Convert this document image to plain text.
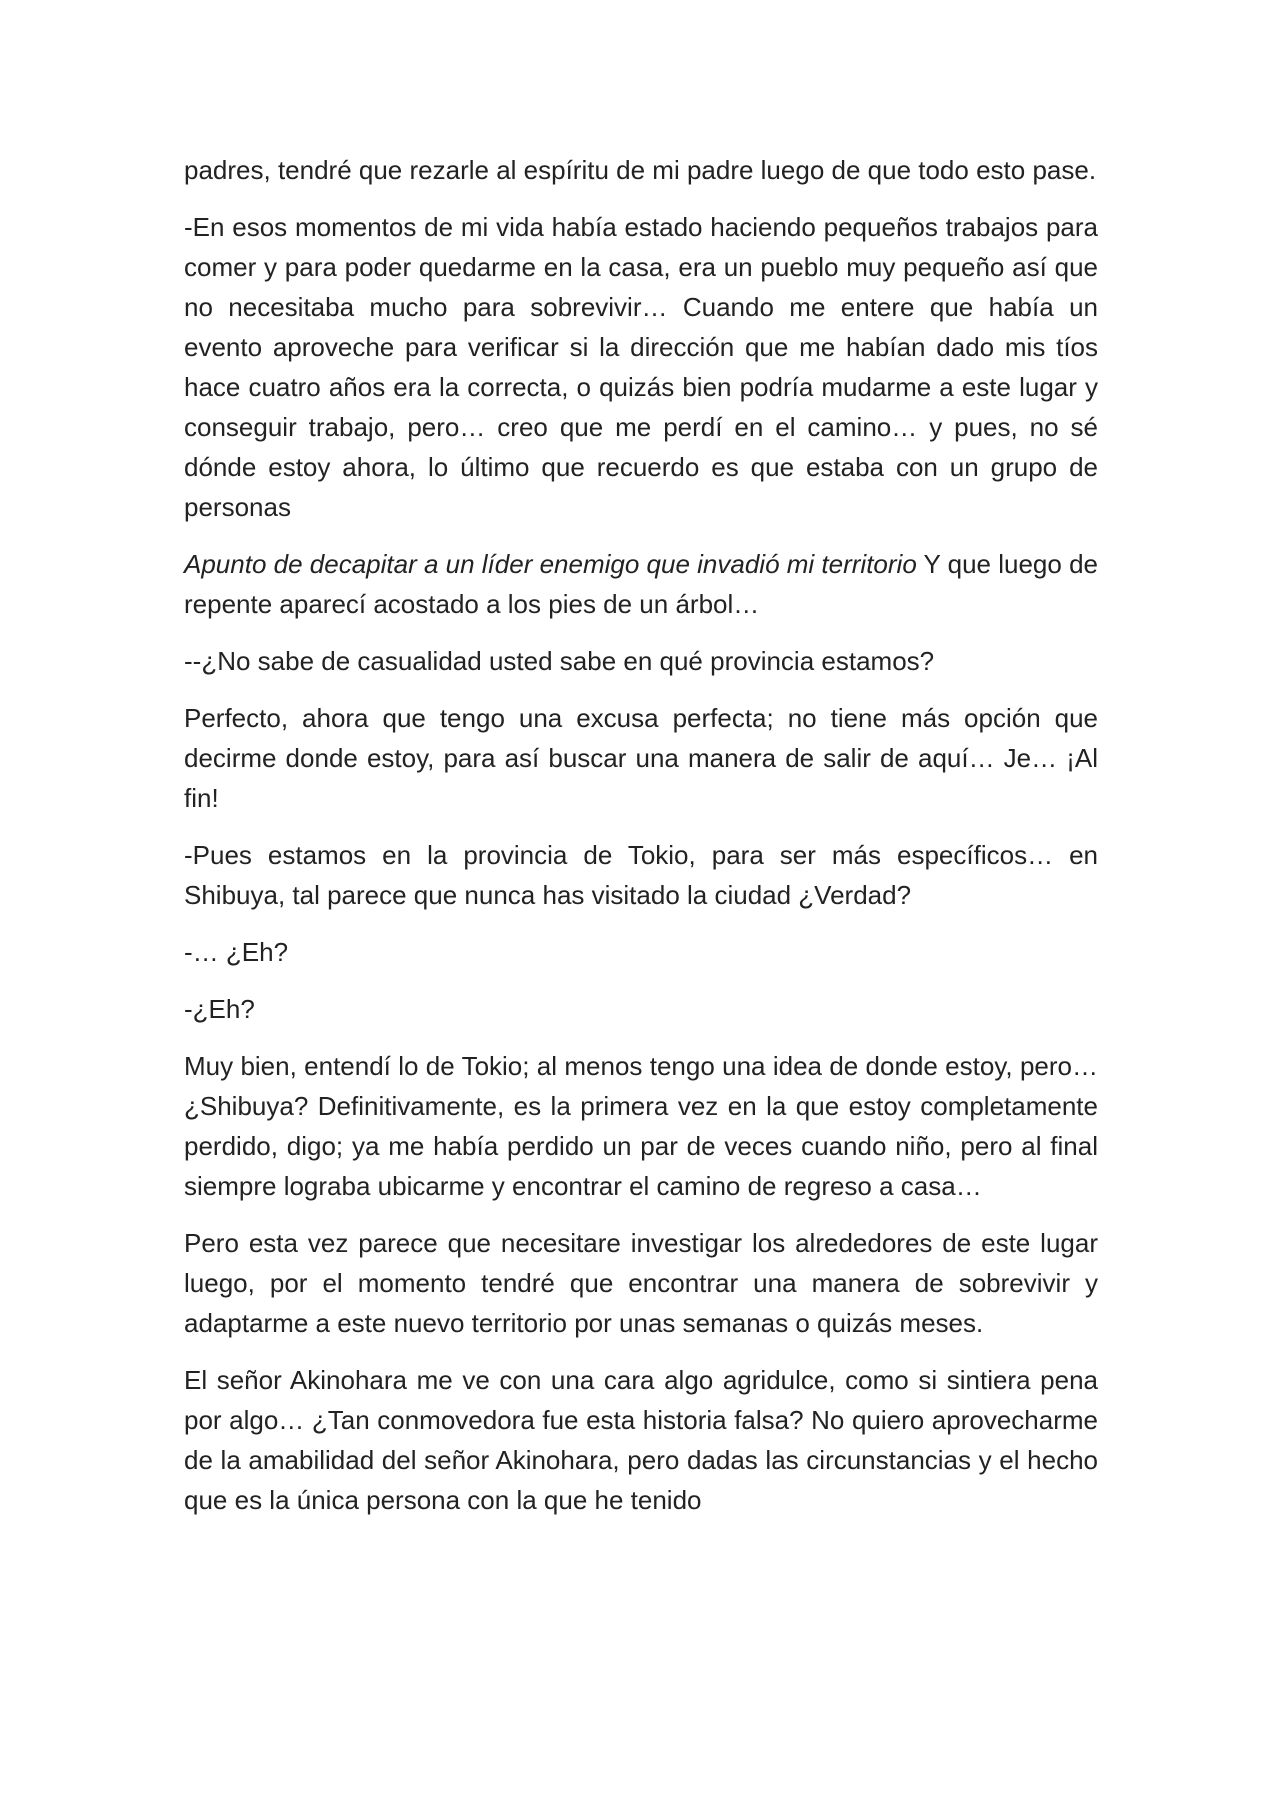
padres, tendré que rezarle al espíritu de mi padre luego de que todo esto pase.

-En esos momentos de mi vida había estado haciendo pequeños trabajos para comer y para poder quedarme en la casa, era un pueblo muy pequeño así que no necesitaba mucho para sobrevivir… Cuando me entere que había un evento aproveche para verificar si la dirección que me habían dado mis tíos hace cuatro años era la correcta, o quizás bien podría mudarme a este lugar y conseguir trabajo, pero… creo que me perdí en el camino… y pues, no sé dónde estoy ahora, lo último que recuerdo es que estaba con un grupo de personas

Apunto de decapitar a un líder enemigo que invadió mi territorio Y que luego de repente aparecí acostado a los pies de un árbol…

--¿No sabe de casualidad usted sabe en qué provincia estamos?

Perfecto, ahora que tengo una excusa perfecta; no tiene más opción que decirme donde estoy, para así buscar una manera de salir de aquí… Je… ¡Al fin!

-Pues estamos en la provincia de Tokio, para ser más específicos… en Shibuya, tal parece que nunca has visitado la ciudad ¿Verdad?

-… ¿Eh?

-¿Eh?

Muy bien, entendí lo de Tokio; al menos tengo una idea de donde estoy, pero… ¿Shibuya? Definitivamente, es la primera vez en la que estoy completamente perdido, digo; ya me había perdido un par de veces cuando niño, pero al final siempre lograba ubicarme y encontrar el camino de regreso a casa…

Pero esta vez parece que necesitare investigar los alrededores de este lugar luego, por el momento tendré que encontrar una manera de sobrevivir y adaptarme a este nuevo territorio por unas semanas o quizás meses.

El señor Akinohara me ve con una cara algo agridulce, como si sintiera pena por algo… ¿Tan conmovedora fue esta historia falsa? No quiero aprovecharme de la amabilidad del señor Akinohara, pero dadas las circunstancias y el hecho que es la única persona con la que he tenido
